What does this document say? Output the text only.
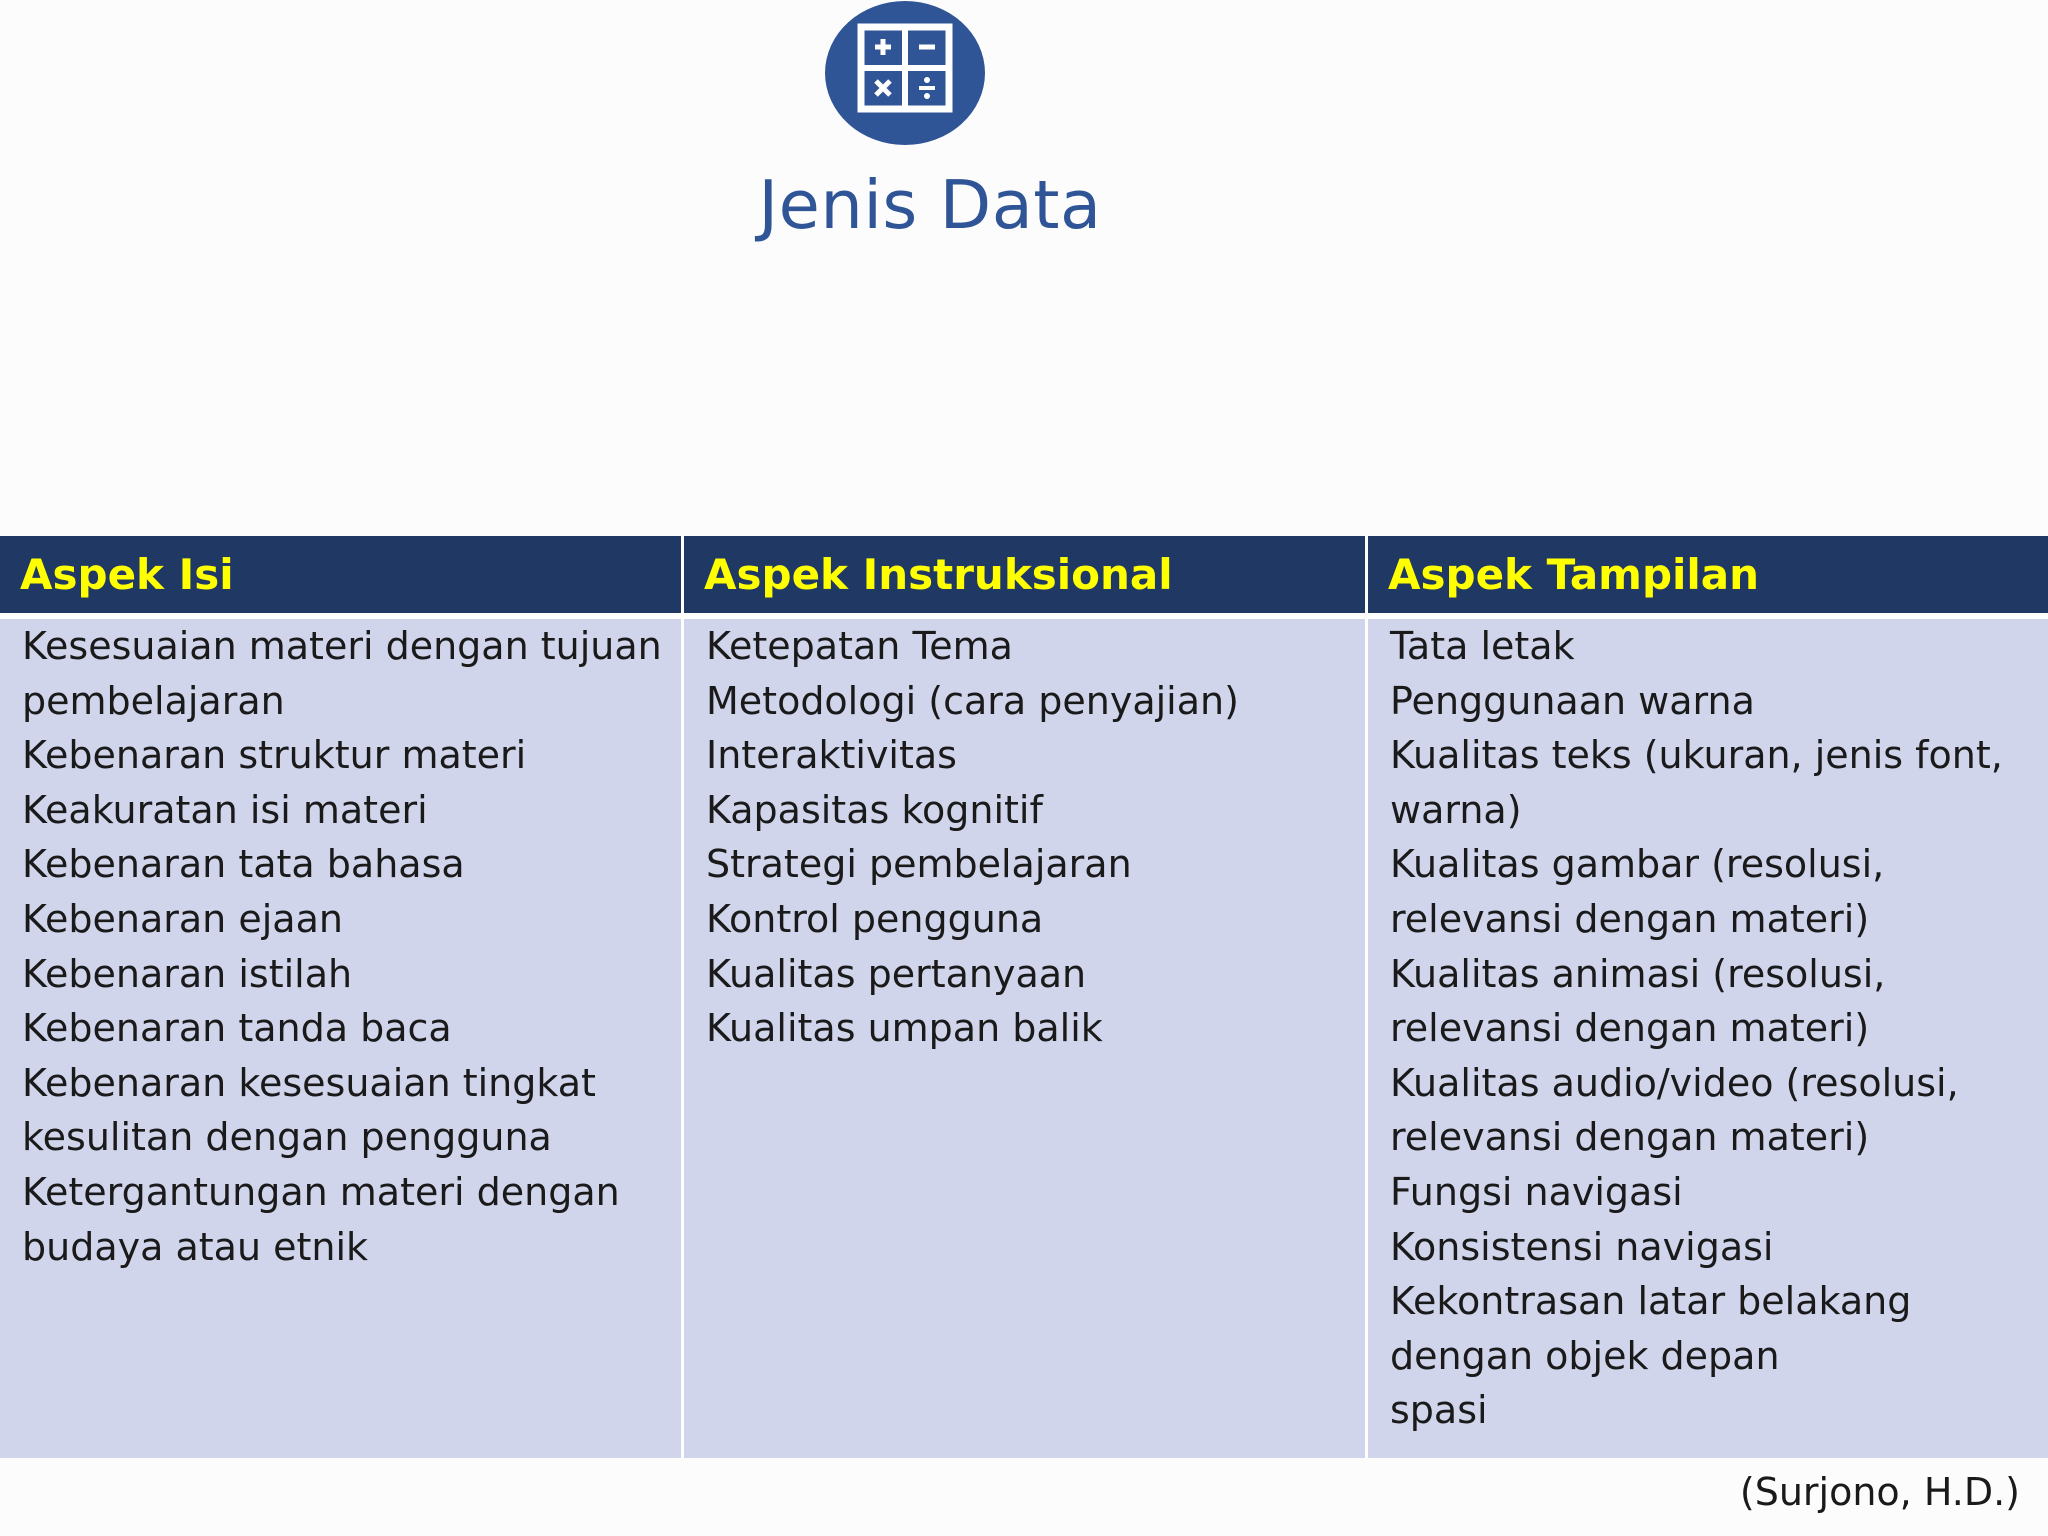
Jenis Data
Aspek Isi
Kesesuaian materi dengan tujuan
pembelajaran
Kebenaran struktur materi
Keakuratan isi materi
Kebenaran tata bahasa
Kebenaran ejaan
Kebenaran istilah
Kebenaran tanda baca
Kebenaran kesesuaian tingkat
kesulitan dengan pengguna
Ketergantungan materi dengan
budaya atau etnik
Aspek Instruksional
Ketepatan Tema
Metodologi (cara penyajian)
Interaktivitas
Kapasitas kognitif
Strategi pembelajaran
Kontrol pengguna
Kualitas pertanyaan
Kualitas umpan balik
Aspek Tampilan
Tata letak
Penggunaan warna
Kualitas teks (ukuran, jenis font,
warna)
Kualitas gambar (resolusi,
relevansi dengan materi)
Kualitas animasi (resolusi,
relevansi dengan materi)
Kualitas audio/video (resolusi,
relevansi dengan materi)
Fungsi navigasi
Konsistensi navigasi
Kekontrasan latar belakang
dengan objek depan
spasi
(Surjono, H.D.)
